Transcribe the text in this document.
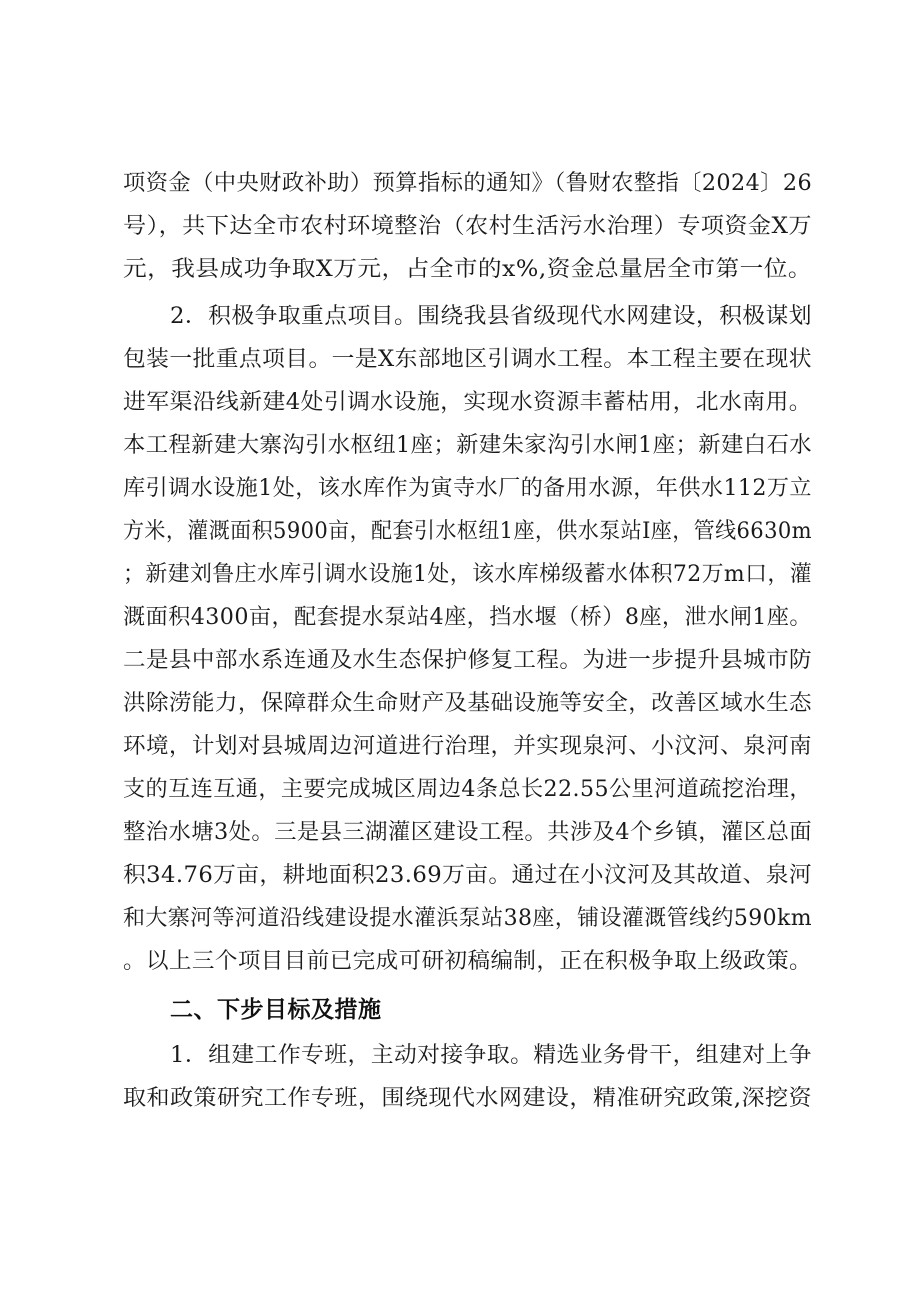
项资金（中央财政补助）预算指标的通知》（鲁财农整指〔2024〕26

号），共下达全市农村环境整治（农村生活污水治理）专项资金X万

元，我县成功争取X万元，占全市的x%,资金总量居全市第一位。

2．积极争取重点项目。围绕我县省级现代水网建设，积极谋划

包装一批重点项目。一是X东部地区引调水工程。本工程主要在现状

进军渠沿线新建4处引调水设施，实现水资源丰蓄枯用，北水南用。

本工程新建大寨沟引水枢纽1座；新建朱家沟引水闸1座；新建白石水

库引调水设施1处，该水库作为寅寺水厂的备用水源，年供水112万立

方米，灌溉面积5900亩，配套引水枢纽1座，供水泵站I座，管线6630m

；新建刘鲁庄水库引调水设施1处，该水库梯级蓄水体积72万m口，灌

溉面积4300亩，配套提水泵站4座，挡水堰（桥）8座，泄水闸1座。

二是县中部水系连通及水生态保护修复工程。为进一步提升县城市防

洪除涝能力，保障群众生命财产及基础设施等安全，改善区域水生态

环境，计划对县城周边河道进行治理，并实现泉河、小汶河、泉河南

支的互连互通，主要完成城区周边4条总长22.55公里河道疏挖治理，

整治水塘3处。三是县三湖灌区建设工程。共涉及4个乡镇，灌区总面

积34.76万亩，耕地面积23.69万亩。通过在小汶河及其故道、泉河

和大寨河等河道沿线建设提水灌浜泵站38座，铺设灌溉管线约590km

。以上三个项目目前已完成可研初稿编制，正在积极争取上级政策。

二、下步目标及措施

1．组建工作专班，主动对接争取。精选业务骨干，组建对上争

取和政策研究工作专班，围绕现代水网建设，精准研究政策,深挖资
